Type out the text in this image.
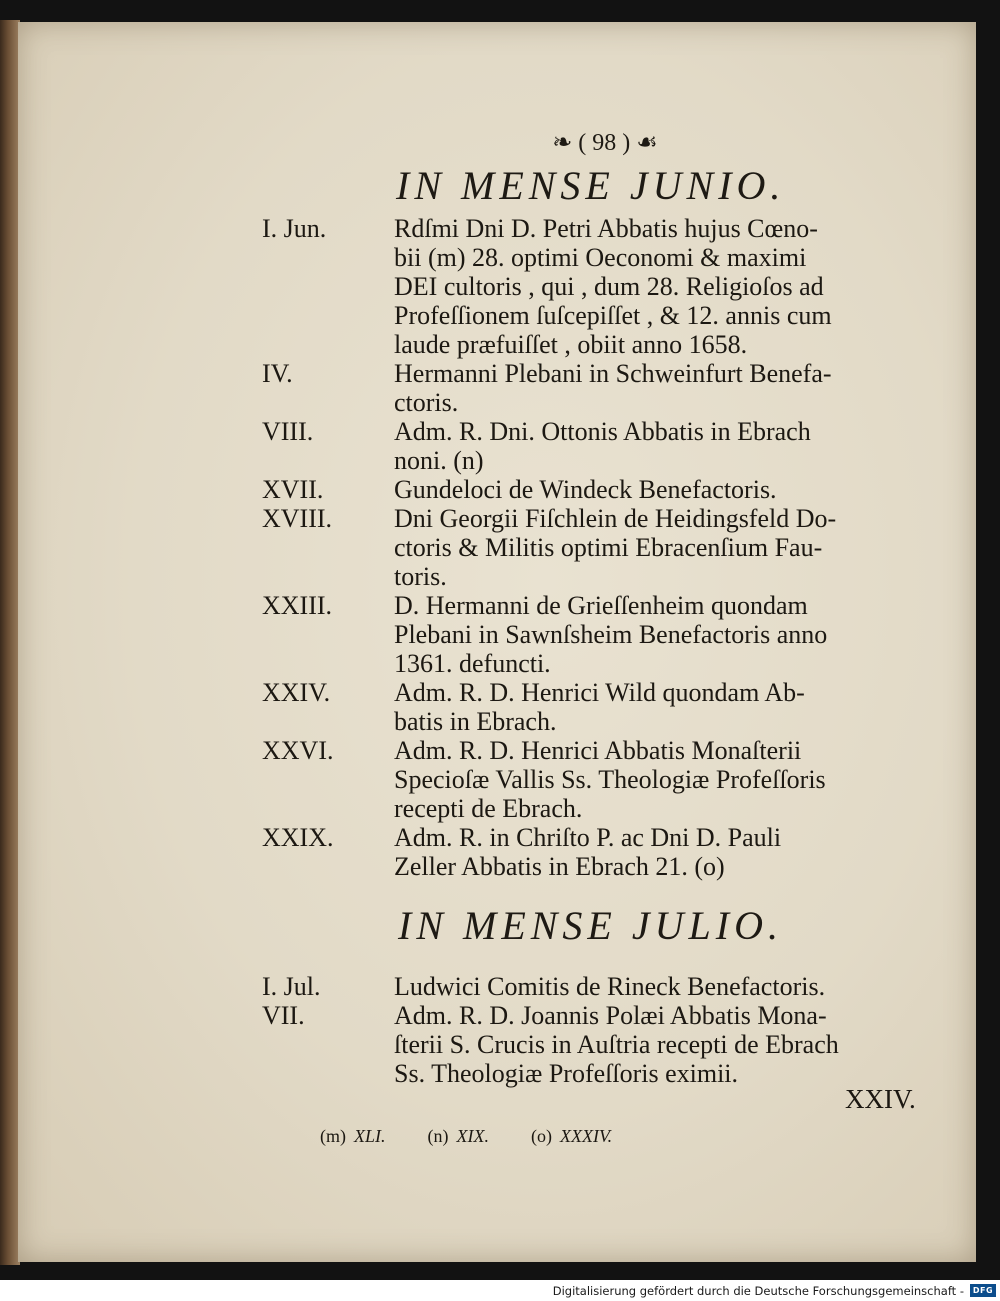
❧ ( 98 ) ☙
IN MENSE JUNIO.
I. Jun.	Rdſmi Dni D. Petri Abbatis hujus Cœno-
bii (m) 28. optimi Oeconomi & maximi
DEI cultoris , qui , dum 28. Religioſos ad
Profeſſionem ſuſcepiſſet , & 12. annis cum
laude præfuiſſet , obiit anno 1658.
IV.	Hermanni Plebani in Schweinfurt Benefa-
ctoris.
VIII.	Adm. R. Dni. Ottonis Abbatis in Ebrach
noni. (n)
XVII.	Gundeloci de Windeck Benefactoris.
XVIII.	Dni Georgii Fiſchlein de Heidingsfeld Do-
ctoris & Militis optimi Ebracenſium Fau-
toris.
XXIII.	D. Hermanni de Grieſſenheim quondam
Plebani in Sawnſsheim Benefactoris anno
1361. defuncti.
XXIV.	Adm. R. D. Henrici Wild quondam Ab-
batis in Ebrach.
XXVI.	Adm. R. D. Henrici Abbatis Monaſterii
Specioſæ Vallis Ss. Theologiæ Profeſſoris
recepti de Ebrach.
XXIX.	Adm. R. in Chriſto P. ac Dni D. Pauli
Zeller Abbatis in Ebrach 21. (o)
IN MENSE JULIO.
I. Jul.	Ludwici Comitis de Rineck Benefactoris.
VII.	Adm. R. D. Joannis Polæi Abbatis Mona-
ſterii S. Crucis in Auſtria recepti de Ebrach
Ss. Theologiæ Profeſſoris eximii.
XXIV.
(m) XLI. (n) XIX. (o) XXXIV.
Digitalisierung gefördert durch die Deutsche Forschungsgemeinschaft -	DFG
